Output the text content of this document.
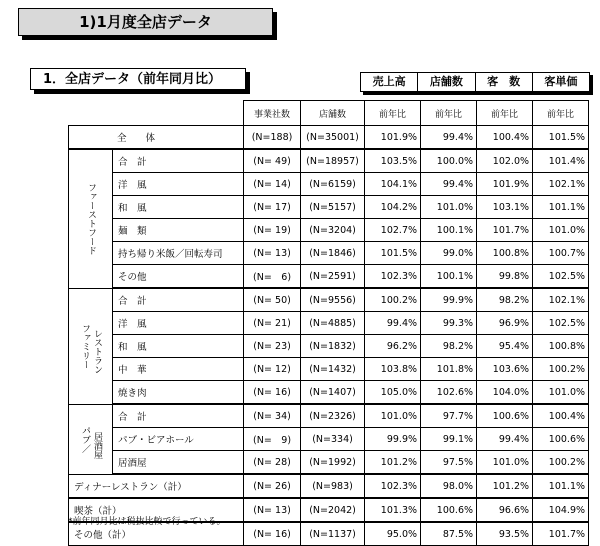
1)1月度全店データ
1．全店データ（前年同月比）	売上高	店舗数	客　数	客単価
		事業社数	店舗数	前年比	前年比	前年比	前年比
全　　体		(N=188)	(N=35001)	101.9%	99.4%	100.4%	101.5%

ファーストフード	合　計	(N= 49)	(N=18957)	103.5%	100.0%	102.0%	101.4%
	洋　風	(N= 14)	(N=6159)	104.1%	99.4%	101.9%	102.1%
	和　風	(N= 17)	(N=5157)	104.2%	101.0%	103.1%	101.1%
	麺　類	(N= 19)	(N=3204)	102.7%	100.1%	101.7%	101.0%
	持ち帰り米飯／回転寿司	(N= 13)	(N=1846)	101.5%	99.0%	100.8%	100.7%
	その他	(N=　6)	(N=2591)	102.3%	100.1%	99.8%	102.5%

ファミリー レストラン	合　計	(N= 50)	(N=9556)	100.2%	99.9%	98.2%	102.1%
	洋　風	(N= 21)	(N=4885)	99.4%	99.3%	96.9%	102.5%
	和　風	(N= 23)	(N=1832)	96.2%	98.2%	95.4%	100.8%
	中　華	(N= 12)	(N=1432)	103.8%	101.8%	103.6%	100.2%
	焼き肉	(N= 16)	(N=1407)	105.0%	102.6%	104.0%	101.0%

パブ／ 居酒屋	合　計	(N= 34)	(N=2326)	101.0%	97.7%	100.6%	100.4%
	パブ・ビアホール	(N=　9)	(N=334)	99.9%	99.1%	99.4%	100.6%
	居酒屋	(N= 28)	(N=1992)	101.2%	97.5%	101.0%	100.2%
ディナーレストラン（計）		(N= 26)	(N=983)	102.3%	98.0%	101.2%	101.1%
喫茶（計）		(N= 13)	(N=2042)	101.3%	100.6%	96.6%	104.9%
その他（計）		(N= 16)	(N=1137)	95.0%	87.5%	93.5%	101.7%
*前年同月比は税抜比較で行っている。
